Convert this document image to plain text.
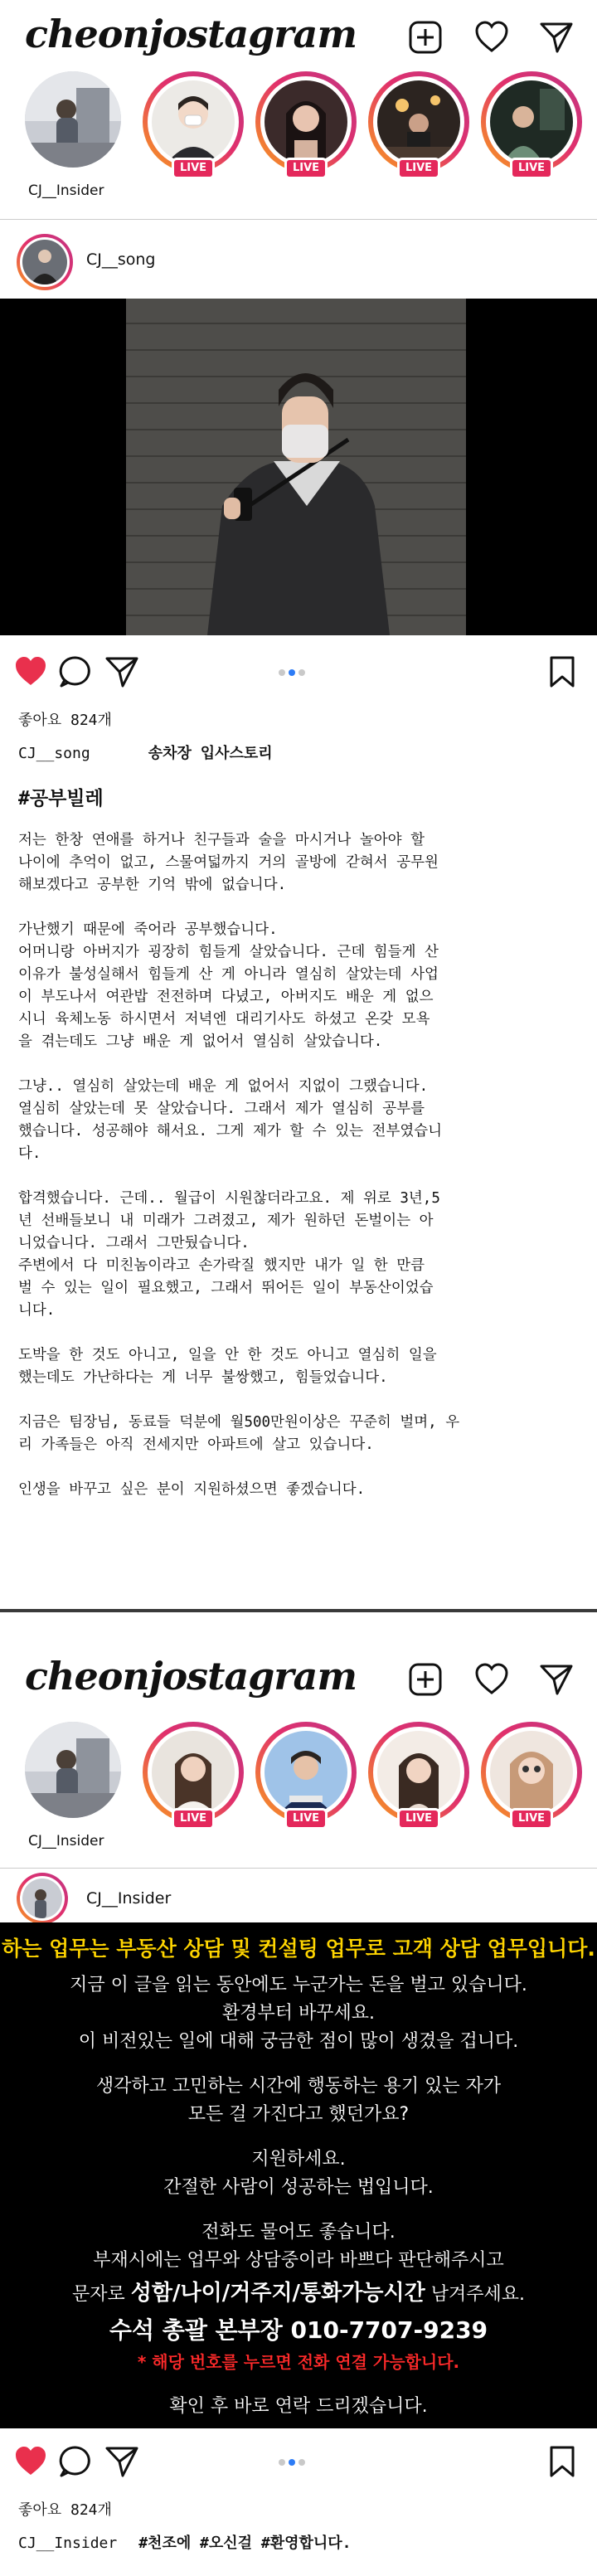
cheonjostagram
CJ__Insider
LIVE	LIVE	LIVE	LIVE
CJ__song
좋아요 824개
CJ__song	송차장 입사스토리
#공부빌레

저는 한창 연애를 하거나 친구들과 술을 마시거나 놀아야 할
나이에 추억이 없고, 스물여덟까지 거의 골방에 갇혀서 공무원
해보겠다고 공부한 기억 밖에 없습니다.

가난했기 때문에 죽어라 공부했습니다.
어머니랑 아버지가 굉장히 힘들게 살았습니다. 근데 힘들게 산
이유가 불성실해서 힘들게 산 게 아니라 열심히 살았는데 사업
이 부도나서 여관밥 전전하며 다녔고, 아버지도 배운 게 없으
시니 육체노동 하시면서 저녁엔 대리기사도 하셨고 온갖 모욕
을 겪는데도 그냥 배운 게 없어서 열심히 살았습니다.

그냥.. 열심히 살았는데 배운 게 없어서 지없이 그랬습니다.
열심히 살았는데 못 살았습니다. 그래서 제가 열심히 공부를
했습니다. 성공해야 해서요. 그게 제가 할 수 있는 전부였습니
다.

합격했습니다. 근데.. 월급이 시원찮더라고요. 제 위로 3년,5
년 선배들보니 내 미래가 그려졌고, 제가 원하던 돈벌이는 아
니었습니다. 그래서 그만뒀습니다.
주변에서 다 미친놈이라고 손가락질 했지만 내가 일 한 만큼
벌 수 있는 일이 필요했고, 그래서 뛰어든 일이 부동산이었습
니다.

도박을 한 것도 아니고, 일을 안 한 것도 아니고 열심히 일을
했는데도 가난하다는 게 너무 불쌍했고, 힘들었습니다.

지금은 팀장님, 동료들 덕분에 월500만원이상은 꾸준히 벌며, 우
리 가족들은 아직 전세지만 아파트에 살고 있습니다.

인생을 바꾸고 싶은 분이 지원하셨으면 좋겠습니다.

cheonjostagram
CJ__Insider
LIVE	LIVE	LIVE	LIVE
CJ__Insider
하는 업무는 부동산 상담 및 컨설팅 업무로 고객 상담 업무입니다.
지금 이 글을 읽는 동안에도 누군가는 돈을 벌고 있습니다.
환경부터 바꾸세요.
이 비전있는 일에 대해 궁금한 점이 많이 생겼을 겁니다.
생각하고 고민하는 시간에 행동하는 용기 있는 자가
모든 걸 가진다고 했던가요?
지원하세요.
간절한 사람이 성공하는 법입니다.
전화도 물어도 좋습니다.
부재시에는 업무와 상담중이라 바쁘다 판단해주시고
문자로 성함/나이/거주지/통화가능시간 남겨주세요.
수석 총괄 본부장 010-7707-9239
* 해당 번호를 누르면 전화 연결 가능합니다.
확인 후 바로 연락 드리겠습니다.
좋아요 824개
CJ__Insider #천조에 #오신걸 #환영합니다.
